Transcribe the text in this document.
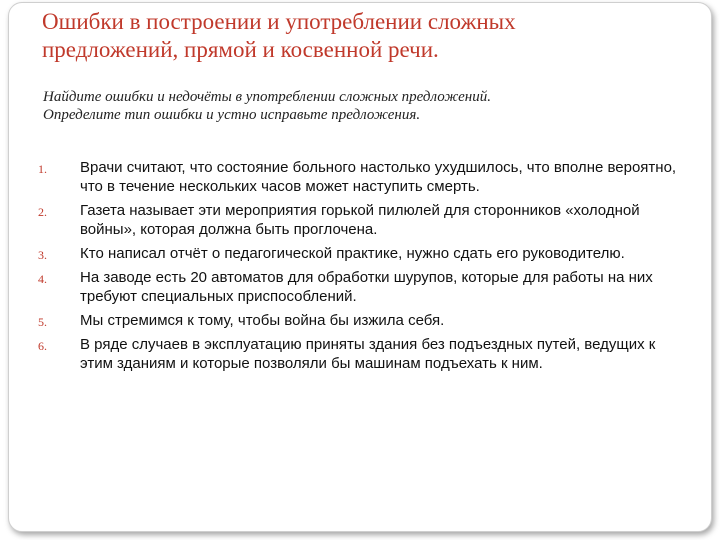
Ошибки в построении и употреблении сложных
предложений, прямой и косвенной речи.
Найдите ошибки и недочёты в употреблении сложных предложений.
Определите тип ошибки и устно исправьте предложения.
1. Врачи считают, что состояние больного настолько ухудшилось, что вполне вероятно, что в течение нескольких часов может наступить смерть.
2. Газета называет эти мероприятия горькой пилюлей для сторонников «холодной войны», которая должна быть проглочена.
3. Кто написал отчёт о педагогической практике, нужно сдать его руководителю.
4. На заводе есть 20 автоматов для обработки шурупов, которые для работы на них требуют специальных приспособлений.
5. Мы стремимся к тому, чтобы война бы изжила себя.
6. В ряде случаев в эксплуатацию приняты здания без подъездных путей, ведущих к этим зданиям и которые позволяли бы машинам подъехать к ним.
